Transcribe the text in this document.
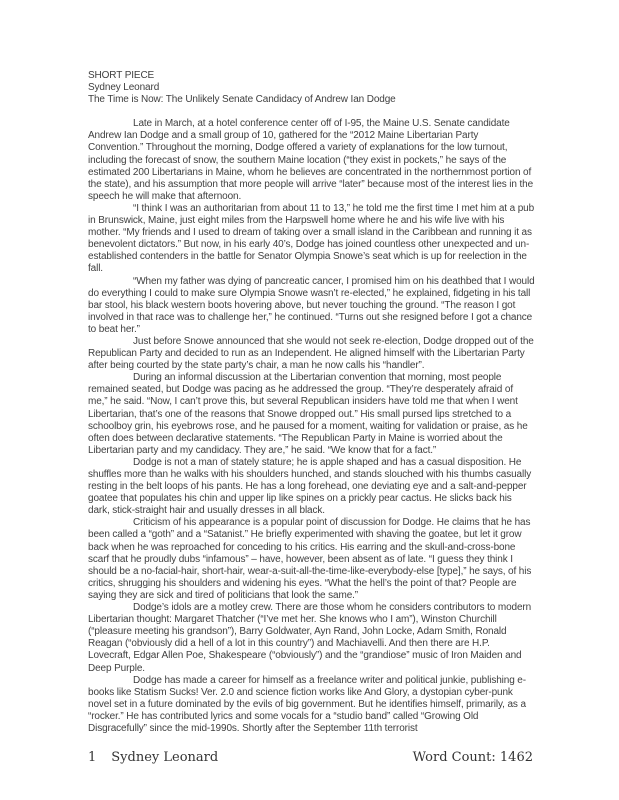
SHORT PIECE

Sydney Leonard

The Time is Now: The Unlikely Senate Candidacy of Andrew Ian Dodge

Late in March, at a hotel conference center off of I-95, the Maine U.S. Senate candidate Andrew Ian Dodge and a small group of 10, gathered for the “2012 Maine Libertarian Party Convention.” Throughout the morning, Dodge offered a variety of explanations for the low turnout, including the forecast of snow, the southern Maine location (“they exist in pockets,” he says of the estimated 200 Libertarians in Maine, whom he believes are concentrated in the northernmost portion of the state), and his assumption that more people will arrive “later” because most of the interest lies in the speech he will make that afternoon.

“I think I was an authoritarian from about 11 to 13,” he told me the first time I met him at a pub in Brunswick, Maine, just eight miles from the Harpswell home where he and his wife live with his mother. “My friends and I used to dream of taking over a small island in the Caribbean and running it as benevolent dictators.” But now, in his early 40’s, Dodge has joined countless other unexpected and un-established contenders in the battle for Senator Olympia Snowe’s seat which is up for reelection in the fall.

“When my father was dying of pancreatic cancer, I promised him on his deathbed that I would do everything I could to make sure Olympia Snowe wasn’t re-elected,” he explained, fidgeting in his tall bar stool, his black western boots hovering above, but never touching the ground. “The reason I got involved in that race was to challenge her,” he continued. “Turns out she resigned before I got a chance to beat her.”

Just before Snowe announced that she would not seek re-election, Dodge dropped out of the Republican Party and decided to run as an Independent. He aligned himself with the Libertarian Party after being courted by the state party’s chair, a man he now calls his “handler”.

During an informal discussion at the Libertarian convention that morning, most people remained seated, but Dodge was pacing as he addressed the group. “They’re desperately afraid of me,” he said. “Now, I can’t prove this, but several Republican insiders have told me that when I went Libertarian, that’s one of the reasons that Snowe dropped out.” His small pursed lips stretched to a schoolboy grin, his eyebrows rose, and he paused for a moment, waiting for validation or praise, as he often does between declarative statements. “The Republican Party in Maine is worried about the Libertarian party and my candidacy. They are,” he said. “We know that for a fact.”

Dodge is not a man of stately stature; he is apple shaped and has a casual disposition. He shuffles more than he walks with his shoulders hunched, and stands slouched with his thumbs casually resting in the belt loops of his pants. He has a long forehead, one deviating eye and a salt-and-pepper goatee that populates his chin and upper lip like spines on a prickly pear cactus. He slicks back his dark, stick-straight hair and usually dresses in all black.

Criticism of his appearance is a popular point of discussion for Dodge. He claims that he has been called a “goth” and a “Satanist.” He briefly experimented with shaving the goatee, but let it grow back when he was reproached for conceding to his critics. His earring and the skull-and-cross-bone scarf that he proudly dubs “infamous” – have, however, been absent as of late. “I guess they think I should be a no-facial-hair, short-hair, wear-a-suit-all-the-time-like-everybody-else [type],” he says, of his critics, shrugging his shoulders and widening his eyes. “What the hell’s the point of that? People are saying they are sick and tired of politicians that look the same.”

Dodge’s idols are a motley crew. There are those whom he considers contributors to modern Libertarian thought: Margaret Thatcher (“I’ve met her. She knows who I am”), Winston Churchill (“pleasure meeting his grandson”), Barry Goldwater, Ayn Rand, John Locke, Adam Smith, Ronald Reagan (“obviously did a hell of a lot in this country”) and Machiavelli. And then there are H.P. Lovecraft, Edgar Allen Poe, Shakespeare (“obviously”) and the “grandiose” music of Iron Maiden and Deep Purple.

Dodge has made a career for himself as a freelance writer and political junkie, publishing e-books like Statism Sucks! Ver. 2.0 and science fiction works like And Glory, a dystopian cyber-punk novel set in a future dominated by the evils of big government. But he identifies himself, primarily, as a “rocker.” He has contributed lyrics and some vocals for a “studio band” called “Growing Old Disgracefully” since the mid-1990s. Shortly after the September 11th terrorist

1 Sydney Leonard	Word Count: 1462
